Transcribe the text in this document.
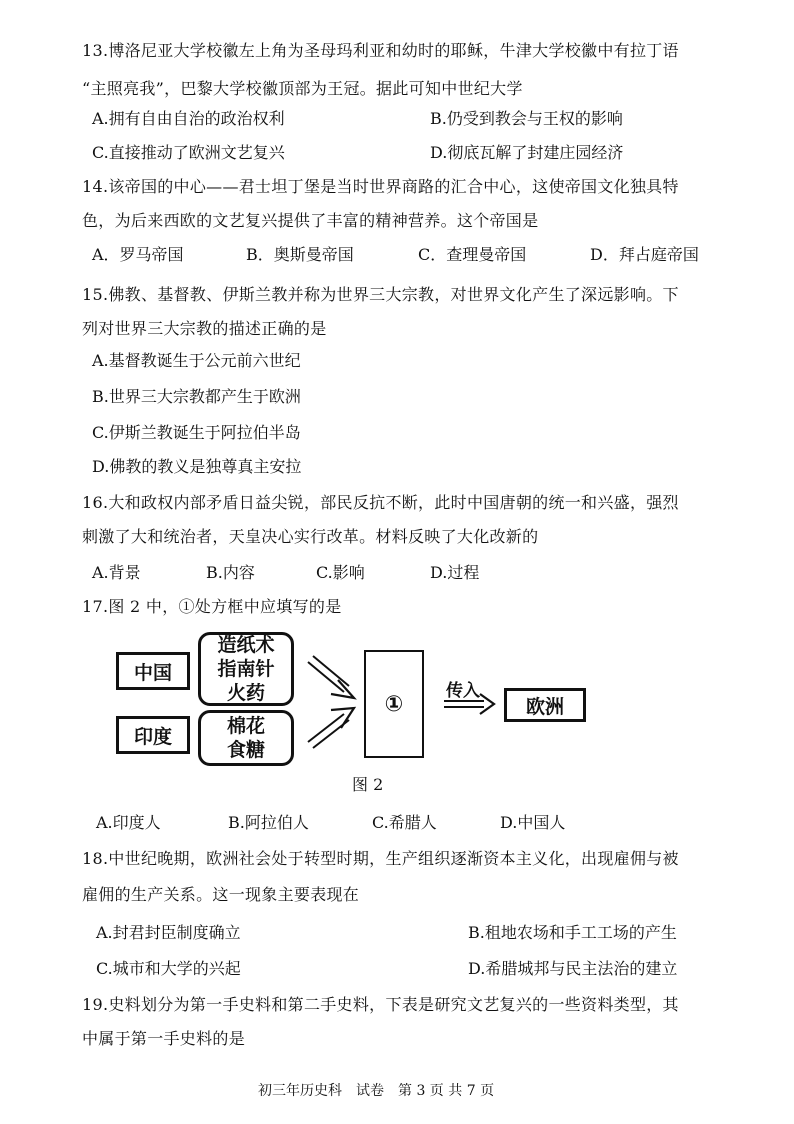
13.博洛尼亚大学校徽左上角为圣母玛利亚和幼时的耶稣，牛津大学校徽中有拉丁语
“主照亮我”，巴黎大学校徽顶部为王冠。据此可知中世纪大学
A.拥有自由自治的政治权利	B.仍受到教会与王权的影响
C.直接推动了欧洲文艺复兴	D.彻底瓦解了封建庄园经济
14.该帝国的中心——君士坦丁堡是当时世界商路的汇合中心，这使帝国文化独具特
色，为后来西欧的文艺复兴提供了丰富的精神营养。这个帝国是
A．罗马帝国	B．奥斯曼帝国	C．查理曼帝国	D．拜占庭帝国
15.佛教、基督教、伊斯兰教并称为世界三大宗教，对世界文化产生了深远影响。下
列对世界三大宗教的描述正确的是
A.基督教诞生于公元前六世纪
B.世界三大宗教都产生于欧洲
C.伊斯兰教诞生于阿拉伯半岛
D.佛教的教义是独尊真主安拉
16.大和政权内部矛盾日益尖锐，部民反抗不断，此时中国唐朝的统一和兴盛，强烈
刺激了大和统治者，天皇决心实行改革。材料反映了大化改新的
A.背景	B.内容	C.影响	D.过程
17.图 2 中，①处方框中应填写的是
中国
印度
造纸术
指南针
火药
棉花
食糖
①
传入
欧洲
图 2
A.印度人	B.阿拉伯人	C.希腊人	D.中国人
18.中世纪晚期，欧洲社会处于转型时期，生产组织逐渐资本主义化，出现雇佣与被
雇佣的生产关系。这一现象主要表现在
A.封君封臣制度确立	B.租地农场和手工工场的产生
C.城市和大学的兴起	D.希腊城邦与民主法治的建立
19.史料划分为第一手史料和第二手史料，下表是研究文艺复兴的一些资料类型，其
中属于第一手史料的是
初三年历史科　试卷　第 3 页 共 7 页
